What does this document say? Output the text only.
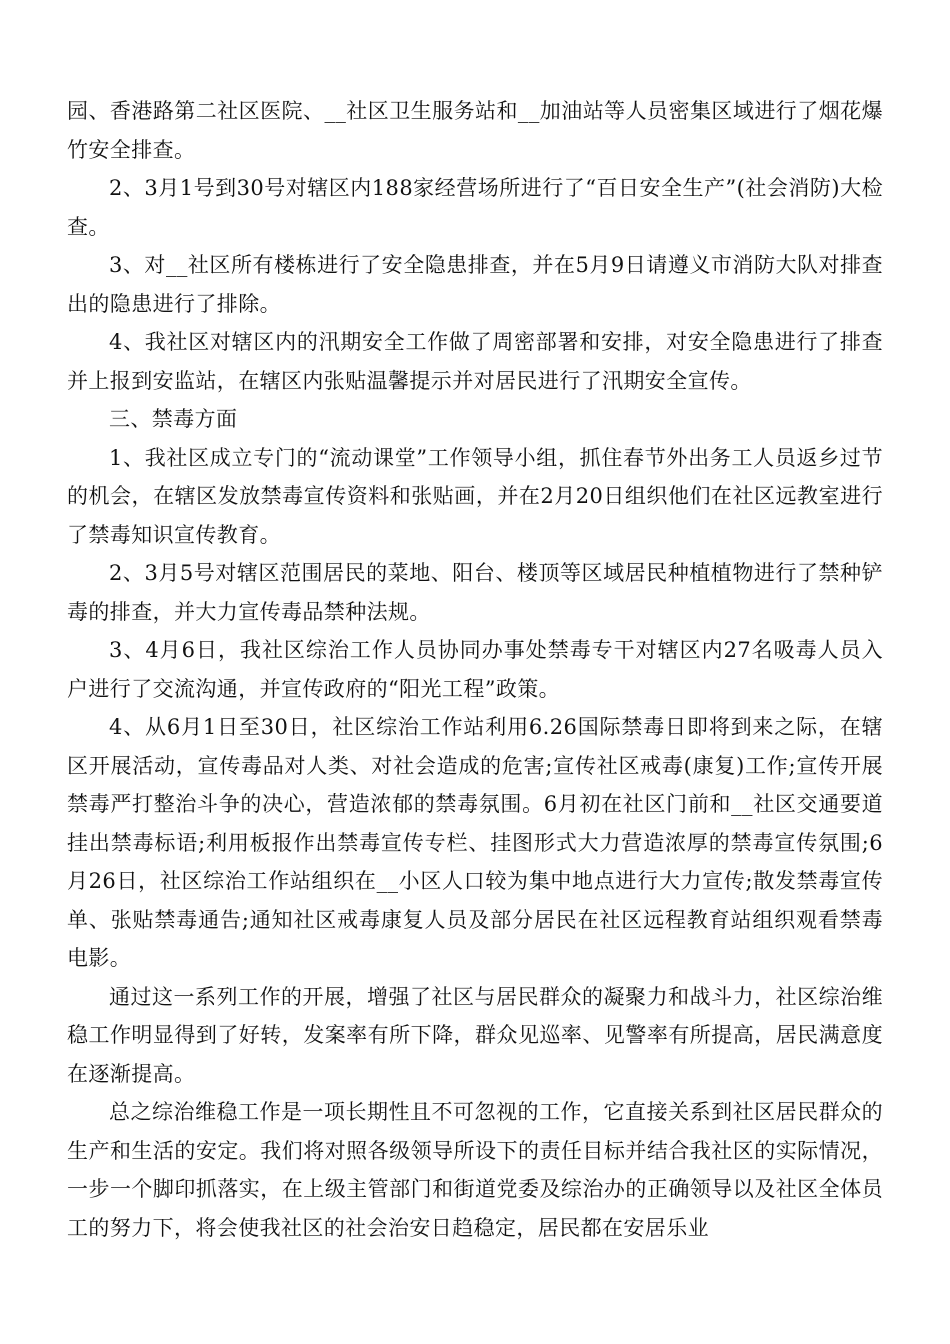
园、香港路第二社区医院、__社区卫生服务站和__加油站等人员密集区域进行了烟花爆竹安全排查。

2、3月1号到30号对辖区内188家经营场所进行了“百日安全生产”(社会消防)大检查。

3、对__社区所有楼栋进行了安全隐患排查，并在5月9日请遵义市消防大队对排查出的隐患进行了排除。

4、我社区对辖区内的汛期安全工作做了周密部署和安排，对安全隐患进行了排查并上报到安监站，在辖区内张贴温馨提示并对居民进行了汛期安全宣传。

三、禁毒方面

1、我社区成立专门的“流动课堂”工作领导小组，抓住春节外出务工人员返乡过节的机会，在辖区发放禁毒宣传资料和张贴画，并在2月20日组织他们在社区远教室进行了禁毒知识宣传教育。

2、3月5号对辖区范围居民的菜地、阳台、楼顶等区域居民种植植物进行了禁种铲毒的排查，并大力宣传毒品禁种法规。

3、4月6日，我社区综治工作人员协同办事处禁毒专干对辖区内27名吸毒人员入户进行了交流沟通，并宣传政府的“阳光工程”政策。

4、从6月1日至30日，社区综治工作站利用6.26国际禁毒日即将到来之际，在辖区开展活动，宣传毒品对人类、对社会造成的危害;宣传社区戒毒(康复)工作;宣传开展禁毒严打整治斗争的决心，营造浓郁的禁毒氛围。6月初在社区门前和__社区交通要道挂出禁毒标语;利用板报作出禁毒宣传专栏、挂图形式大力营造浓厚的禁毒宣传氛围;6月26日，社区综治工作站组织在__小区人口较为集中地点进行大力宣传;散发禁毒宣传单、张贴禁毒通告;通知社区戒毒康复人员及部分居民在社区远程教育站组织观看禁毒电影。

通过这一系列工作的开展，增强了社区与居民群众的凝聚力和战斗力，社区综治维稳工作明显得到了好转，发案率有所下降，群众见巡率、见警率有所提高，居民满意度在逐渐提高。

总之综治维稳工作是一项长期性且不可忽视的工作，它直接关系到社区居民群众的生产和生活的安定。我们将对照各级领导所设下的责任目标并结合我社区的实际情况，一步一个脚印抓落实，在上级主管部门和街道党委及综治办的正确领导以及社区全体员工的努力下，将会使我社区的社会治安日趋稳定，居民都在安居乐业
